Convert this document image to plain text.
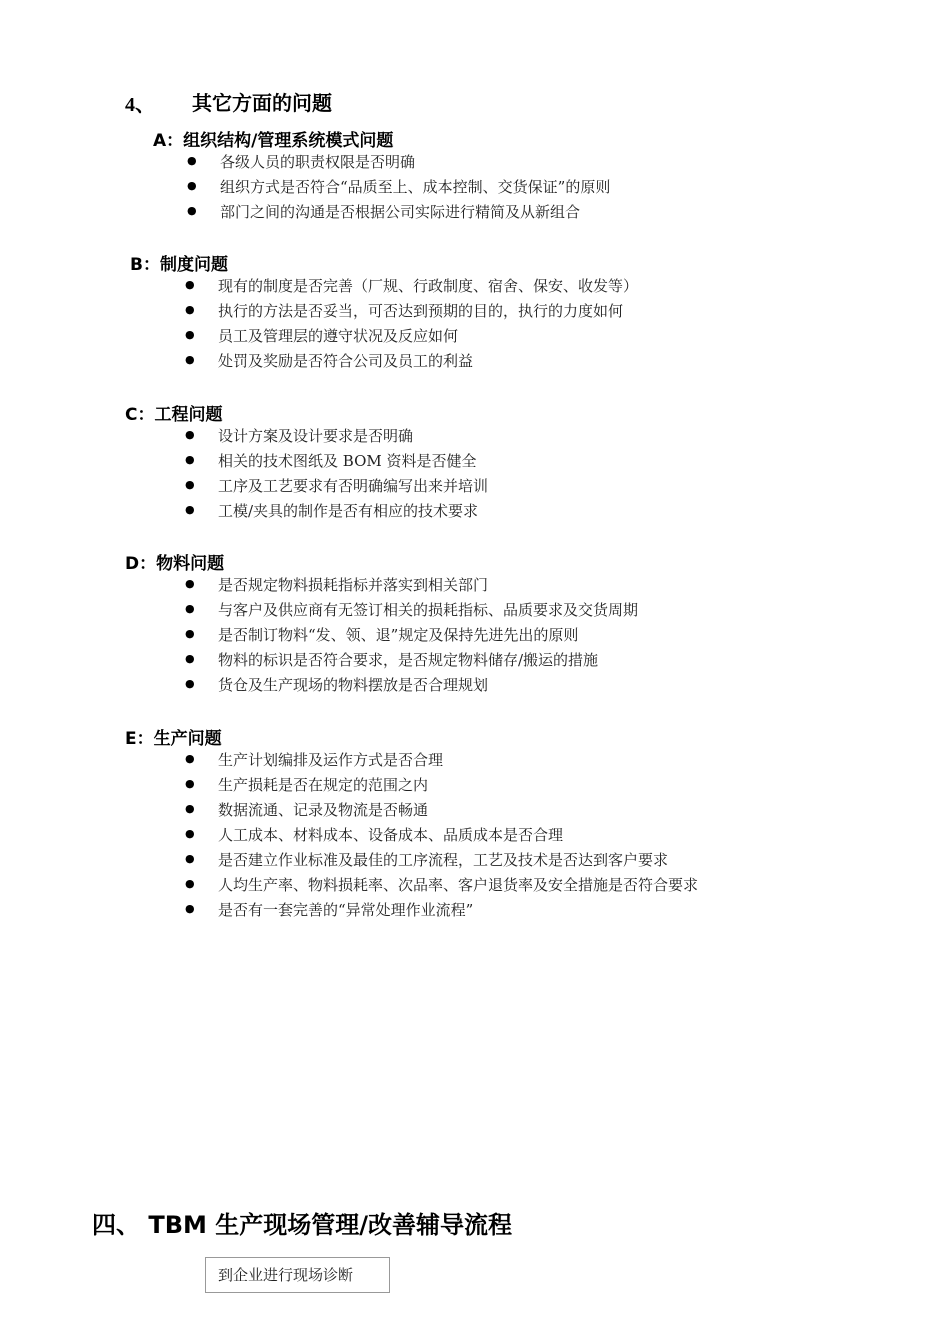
4、 其它方面的问题
A：组织结构/管理系统模式问题
● 各级人员的职责权限是否明确
● 组织方式是否符合“品质至上、成本控制、交货保证”的原则
● 部门之间的沟通是否根据公司实际进行精简及从新组合
B：制度问题
● 现有的制度是否完善（厂规、行政制度、宿舍、保安、收发等）
● 执行的方法是否妥当，可否达到预期的目的，执行的力度如何
● 员工及管理层的遵守状况及反应如何
● 处罚及奖励是否符合公司及员工的利益
C：工程问题
● 设计方案及设计要求是否明确
● 相关的技术图纸及 BOM 资料是否健全
● 工序及工艺要求有否明确编写出来并培训
● 工模/夹具的制作是否有相应的技术要求
D：物料问题
● 是否规定物料损耗指标并落实到相关部门
● 与客户及供应商有无签订相关的损耗指标、品质要求及交货周期
● 是否制订物料“发、领、退”规定及保持先进先出的原则
● 物料的标识是否符合要求，是否规定物料储存/搬运的措施
● 货仓及生产现场的物料摆放是否合理规划
E：生产问题
● 生产计划编排及运作方式是否合理
● 生产损耗是否在规定的范围之内
● 数据流通、记录及物流是否畅通
● 人工成本、材料成本、设备成本、品质成本是否合理
● 是否建立作业标准及最佳的工序流程，工艺及技术是否达到客户要求
● 人均生产率、物料损耗率、次品率、客户退货率及安全措施是否符合要求
● 是否有一套完善的“异常处理作业流程”
四、 TBM 生产现场管理/改善辅导流程
到企业进行现场诊断
